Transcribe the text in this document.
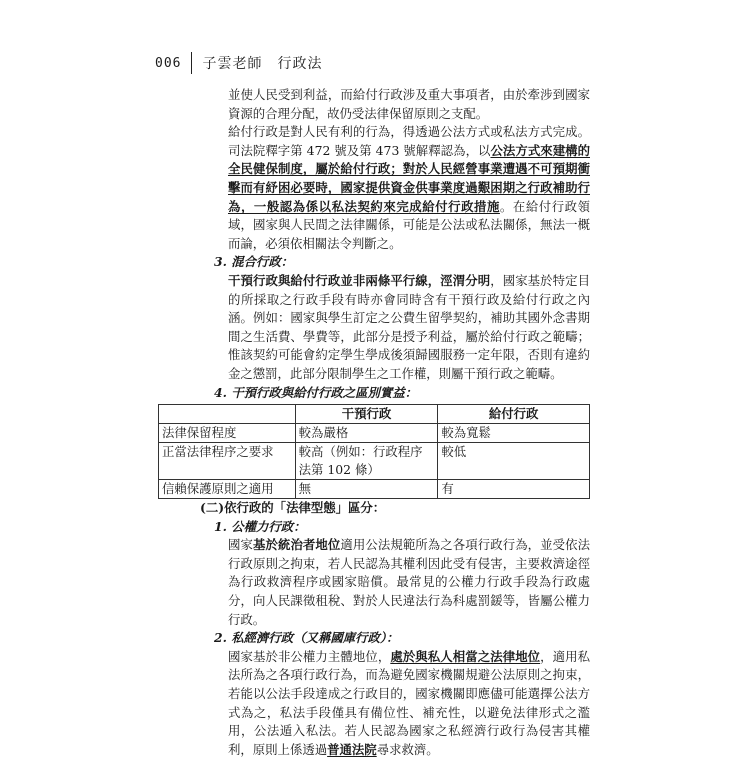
006 子雲老師　行政法

並使人民受到利益，而給付行政涉及重大事項者，由於牽涉到國家資源的合理分配，故仍受法律保留原則之支配。

給付行政是對人民有利的行為，得透過公法方式或私法方式完成。司法院釋字第 472 號及第 473 號解釋認為，以公法方式來建構的全民健保制度，屬於給付行政；對於人民經營事業遭遇不可預期衝擊而有紓困必要時，國家提供資金供事業度過艱困期之行政補助行為，一般認為係以私法契約來完成給付行政措施。在給付行政領域，國家與人民間之法律關係，可能是公法或私法關係，無法一概而論，必須依相關法令判斷之。

3. 混合行政：

干預行政與給付行政並非兩條平行線，涇渭分明，國家基於特定目的所採取之行政手段有時亦會同時含有干預行政及給付行政之內涵。例如：國家與學生訂定之公費生留學契約，補助其國外念書期間之生活費、學費等，此部分是授予利益，屬於給付行政之範疇；惟該契約可能會約定學生學成後須歸國服務一定年限，否則有違約金之懲罰，此部分限制學生之工作權，則屬干預行政之範疇。

4. 干預行政與給付行政之區別實益：
	干預行政	給付行政
法律保留程度	較為嚴格	較為寬鬆
正當法律程序之要求	較高（例如：行政程序法第 102 條）	較低
信賴保護原則之適用	無	有
(二)依行政的「法律型態」區分：
1. 公權力行政：

國家基於統治者地位適用公法規範所為之各項行政行為，並受依法行政原則之拘束，若人民認為其權利因此受有侵害，主要救濟途徑為行政救濟程序或國家賠償。最常見的公權力行政手段為行政處分，向人民課徵租稅、對於人民違法行為科處罰鍰等，皆屬公權力行政。

2. 私經濟行政（又稱國庫行政）：

國家基於非公權力主體地位，處於與私人相當之法律地位，適用私法所為之各項行政行為，而為避免國家機關規避公法原則之拘束，若能以公法手段達成之行政目的，國家機關即應儘可能選擇公法方式為之，私法手段僅具有備位性、補充性，以避免法律形式之濫用，公法遁入私法。若人民認為國家之私經濟行政行為侵害其權利，原則上係透過普通法院尋求救濟。
